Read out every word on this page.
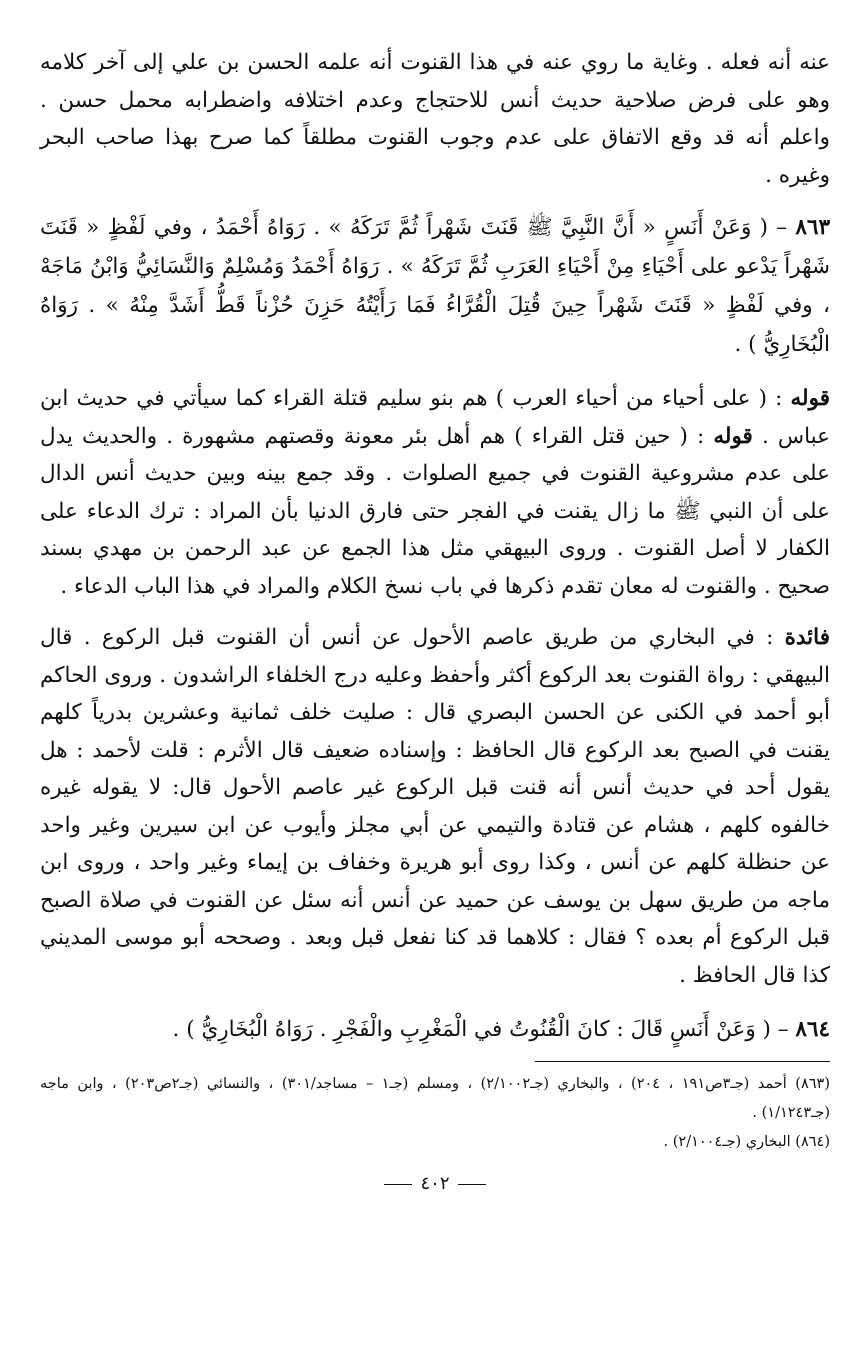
عنه أنه فعله . وغاية ما روي عنه في هذا القنوت أنه علمه الحسن بن علي إلى آخر كلامه وهو على فرض صلاحية حديث أنس للاحتجاج وعدم اختلافه واضطرابه محمل حسن . واعلم أنه قد وقع الاتفاق على عدم وجوب القنوت مطلقاً كما صرح بهذا صاحب البحر وغيره .

٨٦٣ – ( وَعَنْ أَنَسٍ « أَنَّ النَّبِيَّ ﷺ قَنَتَ شَهْراً ثُمَّ تَرَكَهُ » . رَوَاهُ أَحْمَدُ ، وفي لَفْظٍ « قَنَتَ شَهْراً يَدْعو على أَحْيَاءِ مِنْ أَحْيَاءِ العَرَبِ ثُمَّ تَرَكَهُ » . رَوَاهُ أَحْمَدُ وَمُسْلِمٌ وَالنَّسَائِيُّ وَابْنُ مَاجَهْ ، وفي لَفْظٍ « قَنَتَ شَهْراً حِينَ قُتِلَ الْقُرَّاءُ فَمَا رَأَيْتُهُ حَزِنَ حُزْناً قَطُّ أَشَدَّ مِنْهُ » . رَوَاهُ الْبُخَارِيُّ ) .

قوله : ( على أحياء من أحياء العرب ) هم بنو سليم قتلة القراء كما سيأتي في حديث ابن عباس . قوله : ( حين قتل القراء ) هم أهل بئر معونة وقصتهم مشهورة . والحديث يدل على عدم مشروعية القنوت في جميع الصلوات . وقد جمع بينه وبين حديث أنس الدال على أن النبي ﷺ ما زال يقنت في الفجر حتى فارق الدنيا بأن المراد : ترك الدعاء على الكفار لا أصل القنوت . وروى البيهقي مثل هذا الجمع عن عبد الرحمن بن مهدي بسند صحيح . والقنوت له معان تقدم ذكرها في باب نسخ الكلام والمراد في هذا الباب الدعاء .

فائدة : في البخاري من طريق عاصم الأحول عن أنس أن القنوت قبل الركوع . قال البيهقي : رواة القنوت بعد الركوع أكثر وأحفظ وعليه درج الخلفاء الراشدون . وروى الحاكم أبو أحمد في الكنى عن الحسن البصري قال : صليت خلف ثمانية وعشرين بدرياً كلهم يقنت في الصبح بعد الركوع قال الحافظ : وإسناده ضعيف قال الأثرم : قلت لأحمد : هل يقول أحد في حديث أنس أنه قنت قبل الركوع غير عاصم الأحول قال: لا يقوله غيره خالفوه كلهم ، هشام عن قتادة والتيمي عن أبي مجلز وأيوب عن ابن سيرين وغير واحد عن حنظلة كلهم عن أنس ، وكذا روى أبو هريرة وخفاف بن إيماء وغير واحد ، وروى ابن ماجه من طريق سهل بن يوسف عن حميد عن أنس أنه سئل عن القنوت في صلاة الصبح قبل الركوع أم بعده ؟ فقال : كلاهما قد كنا نفعل قبل وبعد . وصححه أبو موسى المديني كذا قال الحافظ .

٨٦٤ – ( وَعَنْ أَنَسٍ قَالَ : كانَ الْقُنُوتُ في الْمَغْرِبِ والْفَجْرِ . رَوَاهُ الْبُخَارِيُّ ) .

(٨٦٣) أحمد (جـ٣ص١٩١ ، ٢٠٤) ، والبخاري (جـ٢/١٠٠٢) ، ومسلم (جـ١ – مساجد/٣٠١) ، والنسائي (جـ٢ص٢٠٣) ، وابن ماجه (جـ١/١٢٤٣) .

(٨٦٤) البخاري (جـ٢/١٠٠٤) .

٤٠٢
